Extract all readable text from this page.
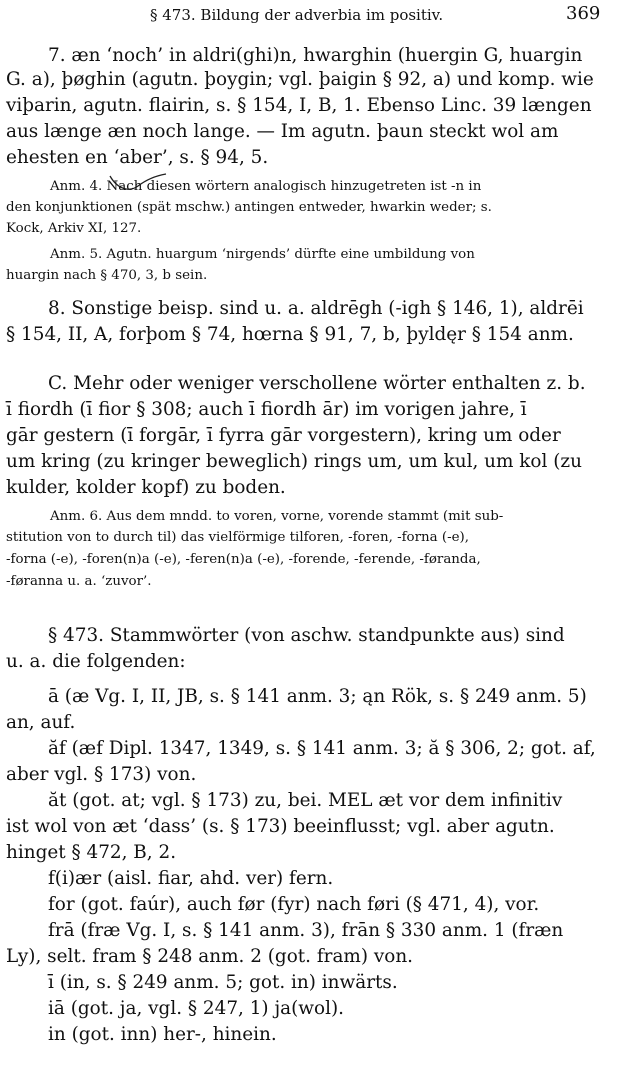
§ 473. Bildung der adverbia im positiv.	369
7. æn ‘noch’ in aldri(ghi)n, hwarghin (huergin G, huargin
G. a), þøghin (agutn. þoygin; vgl. þaigin § 92, a) und komp. wie
viþarin, agutn. flairin, s. § 154, I, B, 1. Ebenso Linc. 39 længen
aus længe æn noch lange. — Im agutn. þaun steckt wol am
ehesten en ‘aber’, s. § 94, 5.
Anm. 4. Nach diesen wörtern analogisch hinzugetreten ist -n in
den konjunktionen (spät mschw.) antingen entweder, hwarkin weder; s.
Kock, Arkiv XI, 127.
Anm. 5. Agutn. huargum ‘nirgends’ dürfte eine umbildung von
huargin nach § 470, 3, b sein.
8. Sonstige beisp. sind u. a. aldrēgh (-igh § 146, 1), aldrēi
§ 154, II, A, forþom § 74, hœrna § 91, 7, b, þyldęr § 154 anm.
C. Mehr oder weniger verschollene wörter enthalten z. b.
ī fiordh (ī fior § 308; auch ī fiordh ār) im vorigen jahre, ī
gār gestern (ī forgār, ī fyrra gār vorgestern), kring um oder
um kring (zu kringer beweglich) rings um, um kul, um kol (zu
kulder, kolder kopf) zu boden.
Anm. 6. Aus dem mndd. to voren, vorne, vorende stammt (mit sub-
stitution von to durch til) das vielförmige tilforen, -foren, -forna (-e),
-forna (-e), -foren(n)a (-e), -feren(n)a (-e), -forende, -ferende, -føranda,
-føranna u. a. ‘zuvor’.
§ 473. Stammwörter (von aschw. standpunkte aus) sind
u. a. die folgenden:
ā (æ Vg. I, II, JB, s. § 141 anm. 3; ąn Rök, s. § 249 anm. 5)
an, auf.
ăf (æf Dipl. 1347, 1349, s. § 141 anm. 3; ă § 306, 2; got. af,
aber vgl. § 173) von.
ăt (got. at; vgl. § 173) zu, bei. MEL æt vor dem infinitiv
ist wol von æt ‘dass’ (s. § 173) beeinflusst; vgl. aber agutn.
hinget § 472, B, 2.
f(i)ær (aisl. fiar, ahd. ver) fern.
for (got. faúr), auch før (fyr) nach føri (§ 471, 4), vor.
frā (fræ Vg. I, s. § 141 anm. 3), frān § 330 anm. 1 (fræn
Ly), selt. fram § 248 anm. 2 (got. fram) von.
ī (in, s. § 249 anm. 5; got. in) inwärts.
iā (got. ja, vgl. § 247, 1) ja(wol).
in (got. inn) her-, hinein.
